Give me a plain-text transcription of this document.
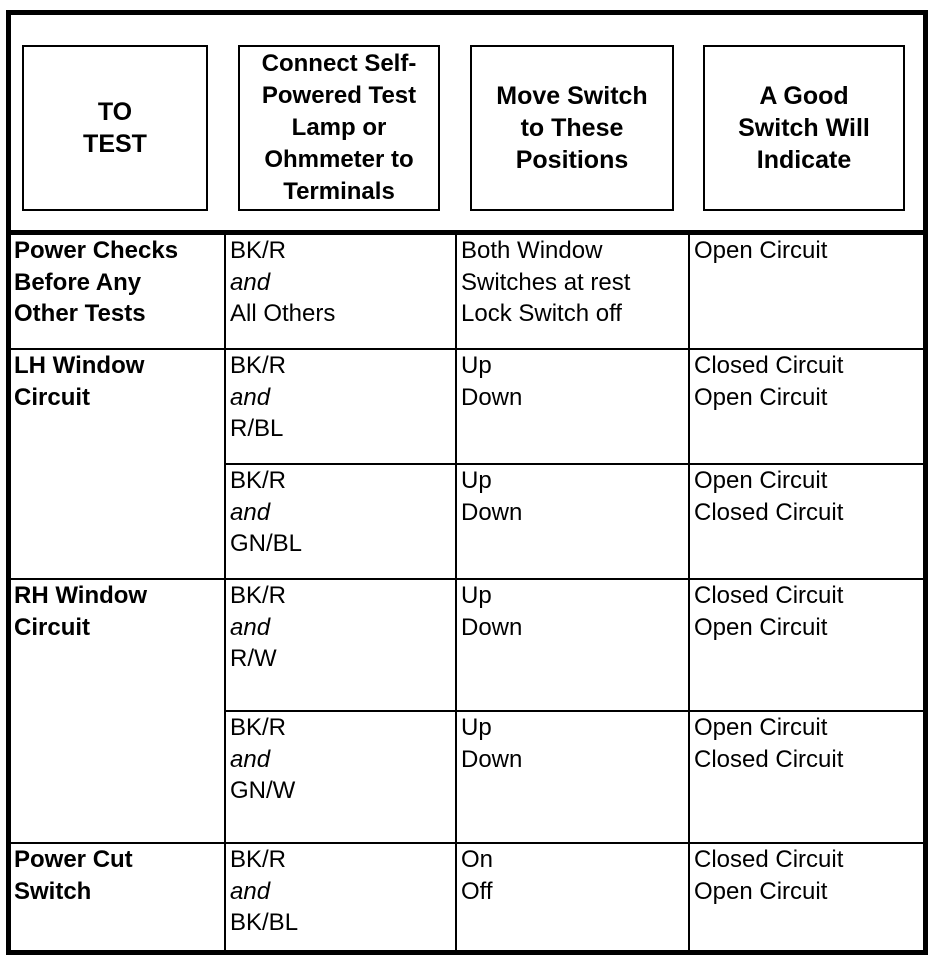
TO
TEST
Connect Self-
Powered Test
Lamp or
Ohmmeter to
Terminals
Move Switch
to These
Positions
A Good
Switch Will
Indicate
Power Checks
Before Any
Other Tests
BK/R
and
All Others
Both Window
Switches at rest
Lock Switch off
Open Circuit
LH Window
Circuit
BK/R
and
R/BL
Up
Down
Closed Circuit
Open Circuit
BK/R
and
GN/BL
Up
Down
Open Circuit
Closed Circuit
RH Window
Circuit
BK/R
and
R/W
Up
Down
Closed Circuit
Open Circuit
BK/R
and
GN/W
Up
Down
Open Circuit
Closed Circuit
Power Cut
Switch
BK/R
and
BK/BL
On
Off
Closed Circuit
Open Circuit
